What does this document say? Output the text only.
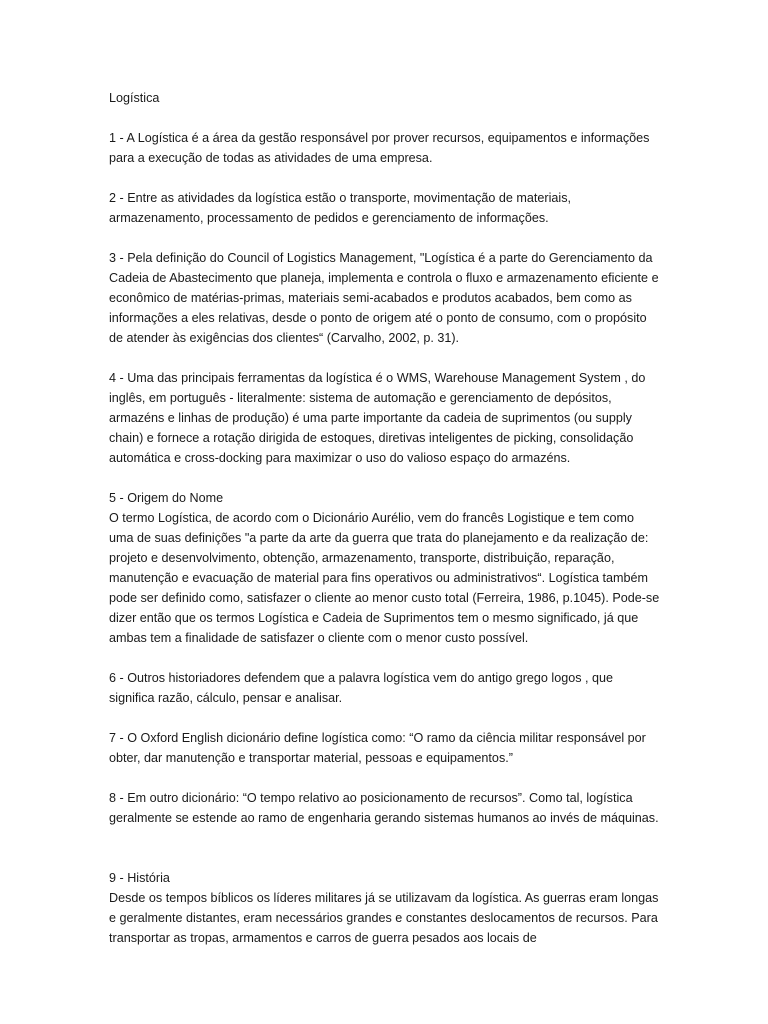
Logística

1 - A Logística é a área da gestão responsável por prover recursos, equipamentos e informações para a execução de todas as atividades de uma empresa.

2 - Entre as atividades da logística estão o transporte, movimentação de materiais, armazenamento, processamento de pedidos e gerenciamento de informações.

3 - Pela definição do Council of Logistics Management, "Logística é a parte do Gerenciamento da Cadeia de Abastecimento que planeja, implementa e controla o fluxo e armazenamento eficiente e econômico de matérias-primas, materiais semi-acabados e produtos acabados, bem como as informações a eles relativas, desde o ponto de origem até o ponto de consumo, com o propósito de atender às exigências dos clientes“ (Carvalho, 2002, p. 31).

4 - Uma das principais ferramentas da logística é o WMS, Warehouse Management System , do inglês, em português - literalmente: sistema de automação e gerenciamento de depósitos, armazéns e linhas de produção) é uma parte importante da cadeia de suprimentos (ou supply chain) e fornece a rotação dirigida de estoques, diretivas inteligentes de picking, consolidação automática e cross-docking para maximizar o uso do valioso espaço do armazéns.

5 - Origem do Nome
O termo Logística, de acordo com o Dicionário Aurélio, vem do francês Logistique e tem como uma de suas definições "a parte da arte da guerra que trata do planejamento e da realização de: projeto e desenvolvimento, obtenção, armazenamento, transporte, distribuição, reparação, manutenção e evacuação de material para fins operativos ou administrativos“. Logística também pode ser definido como, satisfazer o cliente ao menor custo total (Ferreira, 1986, p.1045). Pode-se dizer então que os termos Logística e Cadeia de Suprimentos tem o mesmo significado, já que ambas tem a finalidade de satisfazer o cliente com o menor custo possível.

6 - Outros historiadores defendem que a palavra logística vem do antigo grego logos , que significa razão, cálculo, pensar e analisar.

7 - O Oxford English dicionário define logística como: “O ramo da ciência militar responsável por obter, dar manutenção e transportar material, pessoas e equipamentos.”

8 - Em outro dicionário: “O tempo relativo ao posicionamento de recursos”. Como tal, logística geralmente se estende ao ramo de engenharia gerando sistemas humanos ao invés de máquinas.

9 - História
Desde os tempos bíblicos os líderes militares já se utilizavam da logística. As guerras eram longas e geralmente distantes, eram necessários grandes e constantes deslocamentos de recursos. Para transportar as tropas, armamentos e carros de guerra pesados aos locais de
